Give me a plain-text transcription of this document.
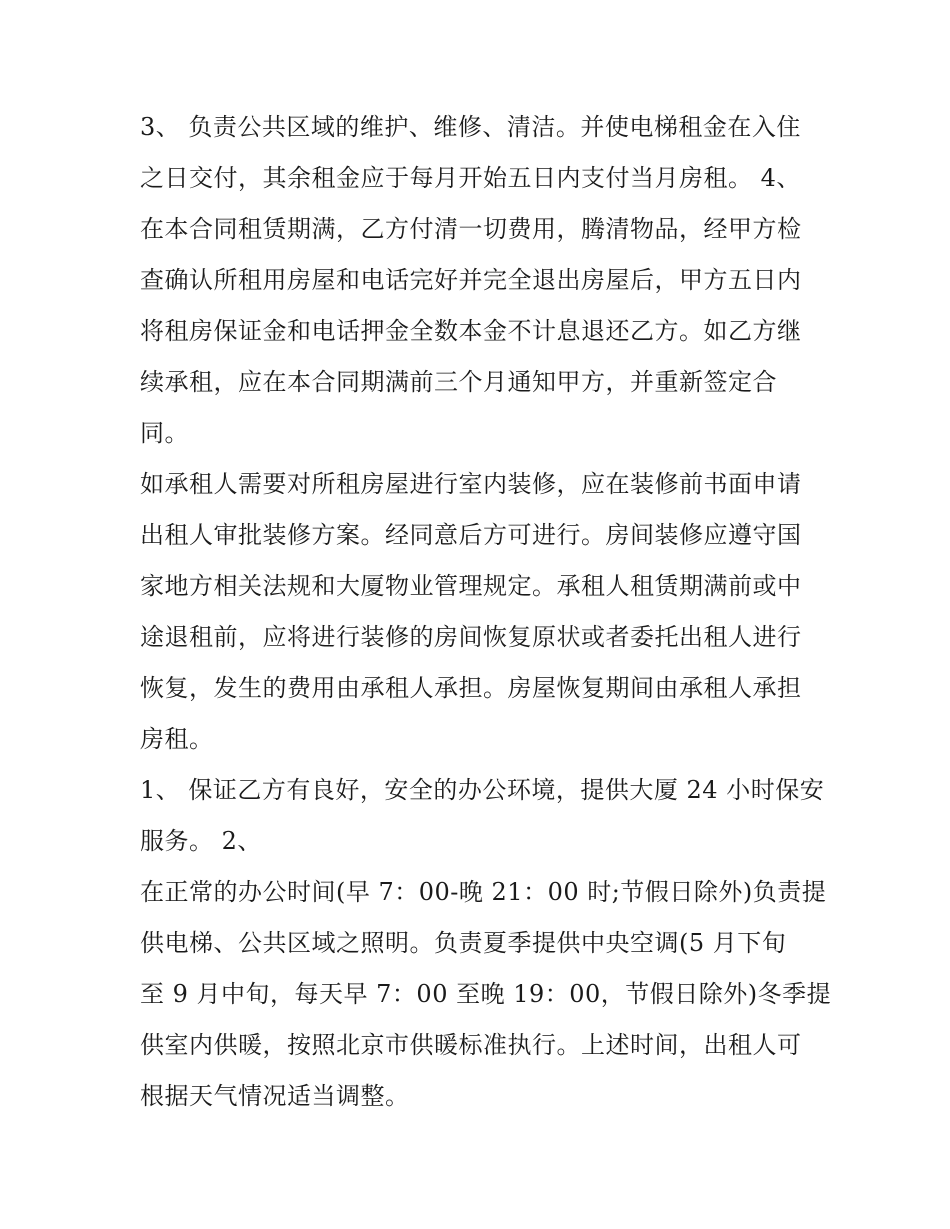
3、 负责公共区域的维护、维修、清洁。并使电梯租金在入住
之日交付，其余租金应于每月开始五日内支付当月房租。 4、
在本合同租赁期满，乙方付清一切费用，腾清物品，经甲方检
查确认所租用房屋和电话完好并完全退出房屋后，甲方五日内
将租房保证金和电话押金全数本金不计息退还乙方。如乙方继
续承租，应在本合同期满前三个月通知甲方，并重新签定合
同。
如承租人需要对所租房屋进行室内装修，应在装修前书面申请
出租人审批装修方案。经同意后方可进行。房间装修应遵守国
家地方相关法规和大厦物业管理规定。承租人租赁期满前或中
途退租前，应将进行装修的房间恢复原状或者委托出租人进行
恢复，发生的费用由承租人承担。房屋恢复期间由承租人承担
房租。
1、 保证乙方有良好，安全的办公环境，提供大厦 24 小时保安
服务。 2、
在正常的办公时间(早 7：00-晚 21：00 时;节假日除外)负责提
供电梯、公共区域之照明。负责夏季提供中央空调(5 月下旬
至 9 月中旬，每天早 7：00 至晚 19：00，节假日除外)冬季提
供室内供暖，按照北京市供暖标准执行。上述时间，出租人可
根据天气情况适当调整。
